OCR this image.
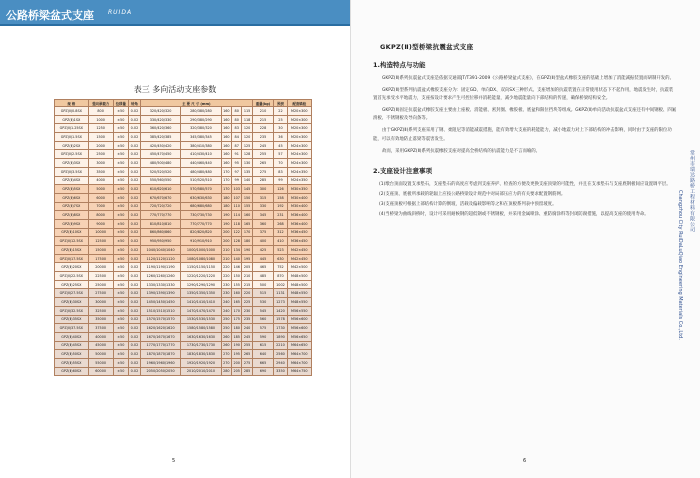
公路桥梁盆式支座 RUIDA
表三 多向活动支座参数
规 格	竖向承载力	位移量	转角	主 要 尺 寸 (mm)					重量(kg)	预拱	配套锚栓
GPZ(Ⅱ)0.8SX	800	±50	0.02	320/420/320	280/380/280	160	80	115	210	22	M20×300
GPZ(Ⅱ)1SX	1000	±50	0.02	330/420/330	290/380/290	160	80	118	215	25	M20×300
GPZ(Ⅱ)1.25SX	1250	±50	0.02	360/420/360	320/380/320	160	83	120	228	30	M20×300
GPZ(Ⅱ)1.5SX	1500	±50	0.02	385/420/385	345/380/345	160	84	120	235	36	M20×300
GPZ(Ⅱ)2SX	2000	±50	0.02	420/450/420	380/410/380	160	87	125	245	45	M24×300
GPZ(Ⅱ)2.5SX	2500	±50	0.02	450/470/450	410/430/410	160	91	128	255	57	M24×300
GPZ(Ⅱ)3SX	3000	±50	0.02	480/500/480	440/460/440	160	95	130	265	70	M24×300
GPZ(Ⅱ)3.5SX	3500	±50	0.02	520/520/520	480/480/480	170	97	135	275	83	M24×350
GPZ(Ⅱ)4SX	4000	±50	0.02	550/560/550	510/520/510	170	99	140	285	99	M24×350
GPZ(Ⅱ)5SX	5000	±50	0.02	610/620/610	570/580/570	170	103	145	300	126	M30×350
GPZ(Ⅱ)6SX	6000	±50	0.02	670/670/670	630/630/630	180	107	150	315	158	M30×400
GPZ(Ⅱ)7SX	7000	±50	0.02	720/720/720	680/680/680	180	110	155	330	192	M30×400
GPZ(Ⅱ)8SX	8000	±50	0.02	770/770/770	730/730/730	190	114	160	345	231	M36×400
GPZ(Ⅱ)9SX	9000	±50	0.02	810/810/810	770/770/770	190	118	165	360	268	M36×400
GPZ(Ⅱ)10SX	10000	±50	0.02	860/860/860	820/820/820	200	122	170	375	312	M36×450
GPZ(Ⅱ)12.5SX	12500	±50	0.02	950/950/950	910/910/910	200	128	180	400	410	M36×450
GPZ(Ⅱ)15SX	15000	±50	0.02	1040/1040/1040	1000/1000/1000	210	134	190	425	523	M42×450
GPZ(Ⅱ)17.5SX	17500	±50	0.02	1120/1120/1120	1080/1080/1080	210	140	195	445	630	M42×450
GPZ(Ⅱ)20SX	20000	±50	0.02	1190/1190/1190	1150/1150/1150	220	146	205	465	752	M42×500
GPZ(Ⅱ)22.5SX	22500	±50	0.02	1260/1260/1260	1220/1220/1220	220	150	210	485	870	M48×500
GPZ(Ⅱ)25SX	25000	±50	0.02	1330/1330/1330	1290/1290/1290	230	155	215	500	1002	M48×500
GPZ(Ⅱ)27.5SX	27500	±50	0.02	1390/1390/1390	1350/1350/1350	230	160	220	515	1131	M48×550
GPZ(Ⅱ)30SX	30000	±50	0.02	1450/1450/1450	1410/1410/1410	240	165	225	530	1273	M48×550
GPZ(Ⅱ)32.5SX	32500	±50	0.02	1510/1510/1510	1470/1470/1470	240	170	230	545	1420	M56×550
GPZ(Ⅱ)35SX	35000	±50	0.02	1570/1570/1570	1530/1530/1530	250	175	235	560	1578	M56×600
GPZ(Ⅱ)37.5SX	37500	±50	0.02	1620/1620/1620	1580/1580/1580	250	180	240	575	1730	M56×600
GPZ(Ⅱ)40SX	40000	±50	0.02	1670/1670/1670	1630/1630/1630	260	185	245	590	1890	M56×650
GPZ(Ⅱ)45SX	45000	±50	0.02	1770/1770/1770	1730/1730/1730	260	190	255	615	2210	M64×650
GPZ(Ⅱ)50SX	50000	±50	0.02	1870/1870/1870	1830/1830/1830	270	195	265	640	2560	M64×700
GPZ(Ⅱ)55SX	55000	±50	0.02	1960/1960/1960	1920/1920/1920	270	200	275	665	2940	M64×700
GPZ(Ⅱ)60SX	60000	±50	0.02	2050/2050/2050	2010/2010/2010	280	205	285	690	3350	M64×750
5
GKPZ(Ⅱ)型桥梁抗震盆式支座
1.构造特点与功能
GKPZ(Ⅱ)系列抗震盆式支座是依据交通部JT/T391-2009《公路桥梁盆式支座》，在GPZ(Ⅱ)型盆式橡胶支座的基础上增加了消能减振装置而研制开发的。
GKPZ(Ⅱ)型系列抗震盆式橡胶支座分为：固定GD、单向DX、双向SX三种形式。支座增加的抗震装置在正常使用状态下不起作用，地震发生时，抗震装置首先承受水平地震力，支座按设计要求产生可控位移并消耗能量，减少地震能量向下部结构的传递，确保桥梁结构安全。
GKPZ(Ⅱ)固定抗震盆式橡胶支座主要由上座板、消能板、密封圈、橡胶板、底盆和限位挡块等组成。GKPZ(Ⅱ)单向活动抗震盆式支座还有中间钢板、四氟滑板、不锈钢板及导向条等。
由于GKPZ(Ⅱ)系列支座采用了钢、柔阻尼等消能减震措施，能有效增大支座的耗能能力，减小地震力对上下部结构的冲击影响，同时由于支座的限位功能，可以有效地防止落梁等震害发生。
故而，采用GKPZ(Ⅱ)系列抗震橡胶支座对提高全桥结构的抗震能力是不言而喻的。
2.支座设计注意事项
(1)墩台顶面设置支承垫石，支座垫石的高度应考虑到支座养护、检查的方便及更换支座顶梁的可能性，并且在支承垫石与支座底钢板间应设置调平层。
(2)支座顶、底板所承载的轮辐上应按公路桥梁设计规范中对局部压应力的有关要求配置钢筋网。
(3)支座顶板可根据上部结构计算的倒坡，活载及偏载影响等之和在顶板系列表中预留坡度。
(4)当桥梁为曲线斜桥时，设计可采用耐候钢的超低钢或不锈钢板，并采用金属喷涂、重防腐涂料等封闭防腐措施，以提高支座的使用寿命。	常州市瑞达路桥工程材料有限公司
Changzhou City RuiDaLuQiao Engineering Materials Co.,Ltd.
6
